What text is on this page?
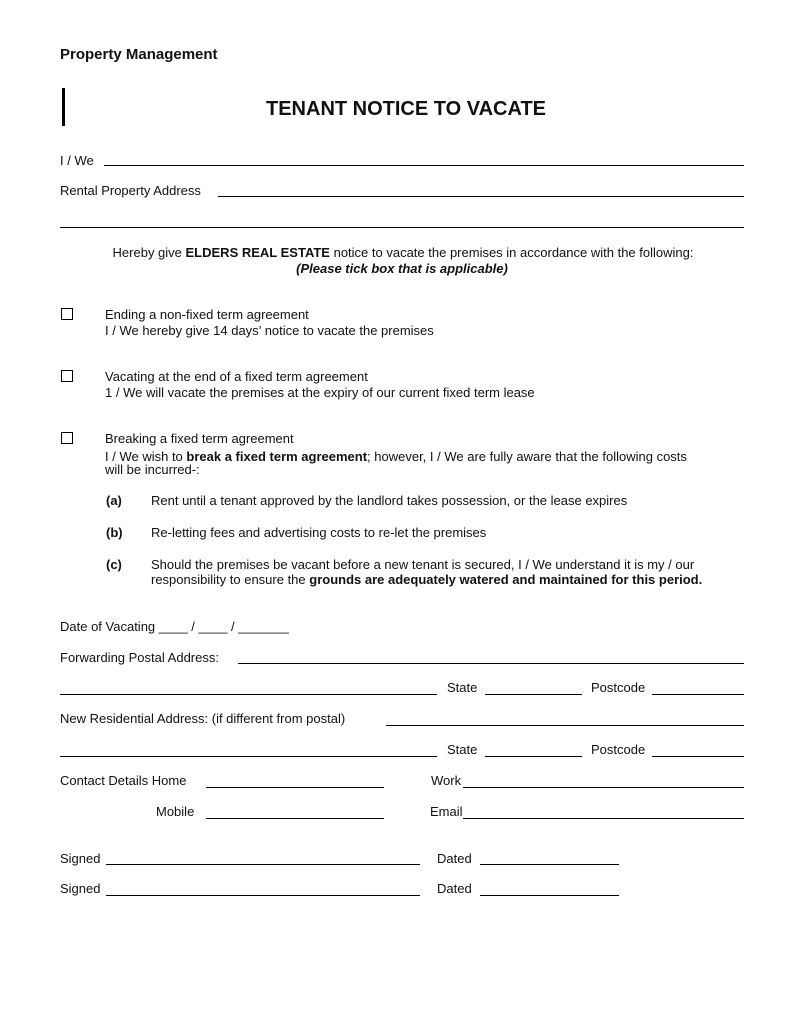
Property Management
TENANT NOTICE TO VACATE
I / We
Rental Property Address
Hereby give ELDERS REAL ESTATE notice to vacate the premises in accordance with the following:
(Please tick box that is applicable)
Ending a non-fixed term agreement
I / We hereby give 14 days’ notice to vacate the premises
Vacating at the end of a fixed term agreement
1 / We will vacate the premises at the expiry of our current fixed term lease
Breaking a fixed term agreement
I / We wish to break a fixed term agreement; however, I / We are fully aware that the following costs
will be incurred-:
(a) Rent until a tenant approved by the landlord takes possession, or the lease expires
(b) Re-letting fees and advertising costs to re-let the premises
(c) Should the premises be vacant before a new tenant is secured, I / We understand it is my / our
responsibility to ensure the grounds are adequately watered and maintained for this period.
Date of Vacating ____ / ____ / _______
Forwarding Postal Address:
State	Postcode
New Residential Address: (if different from postal)
State	Postcode
Contact Details Home	Work
Mobile	Email
Signed	Dated
Signed	Dated
